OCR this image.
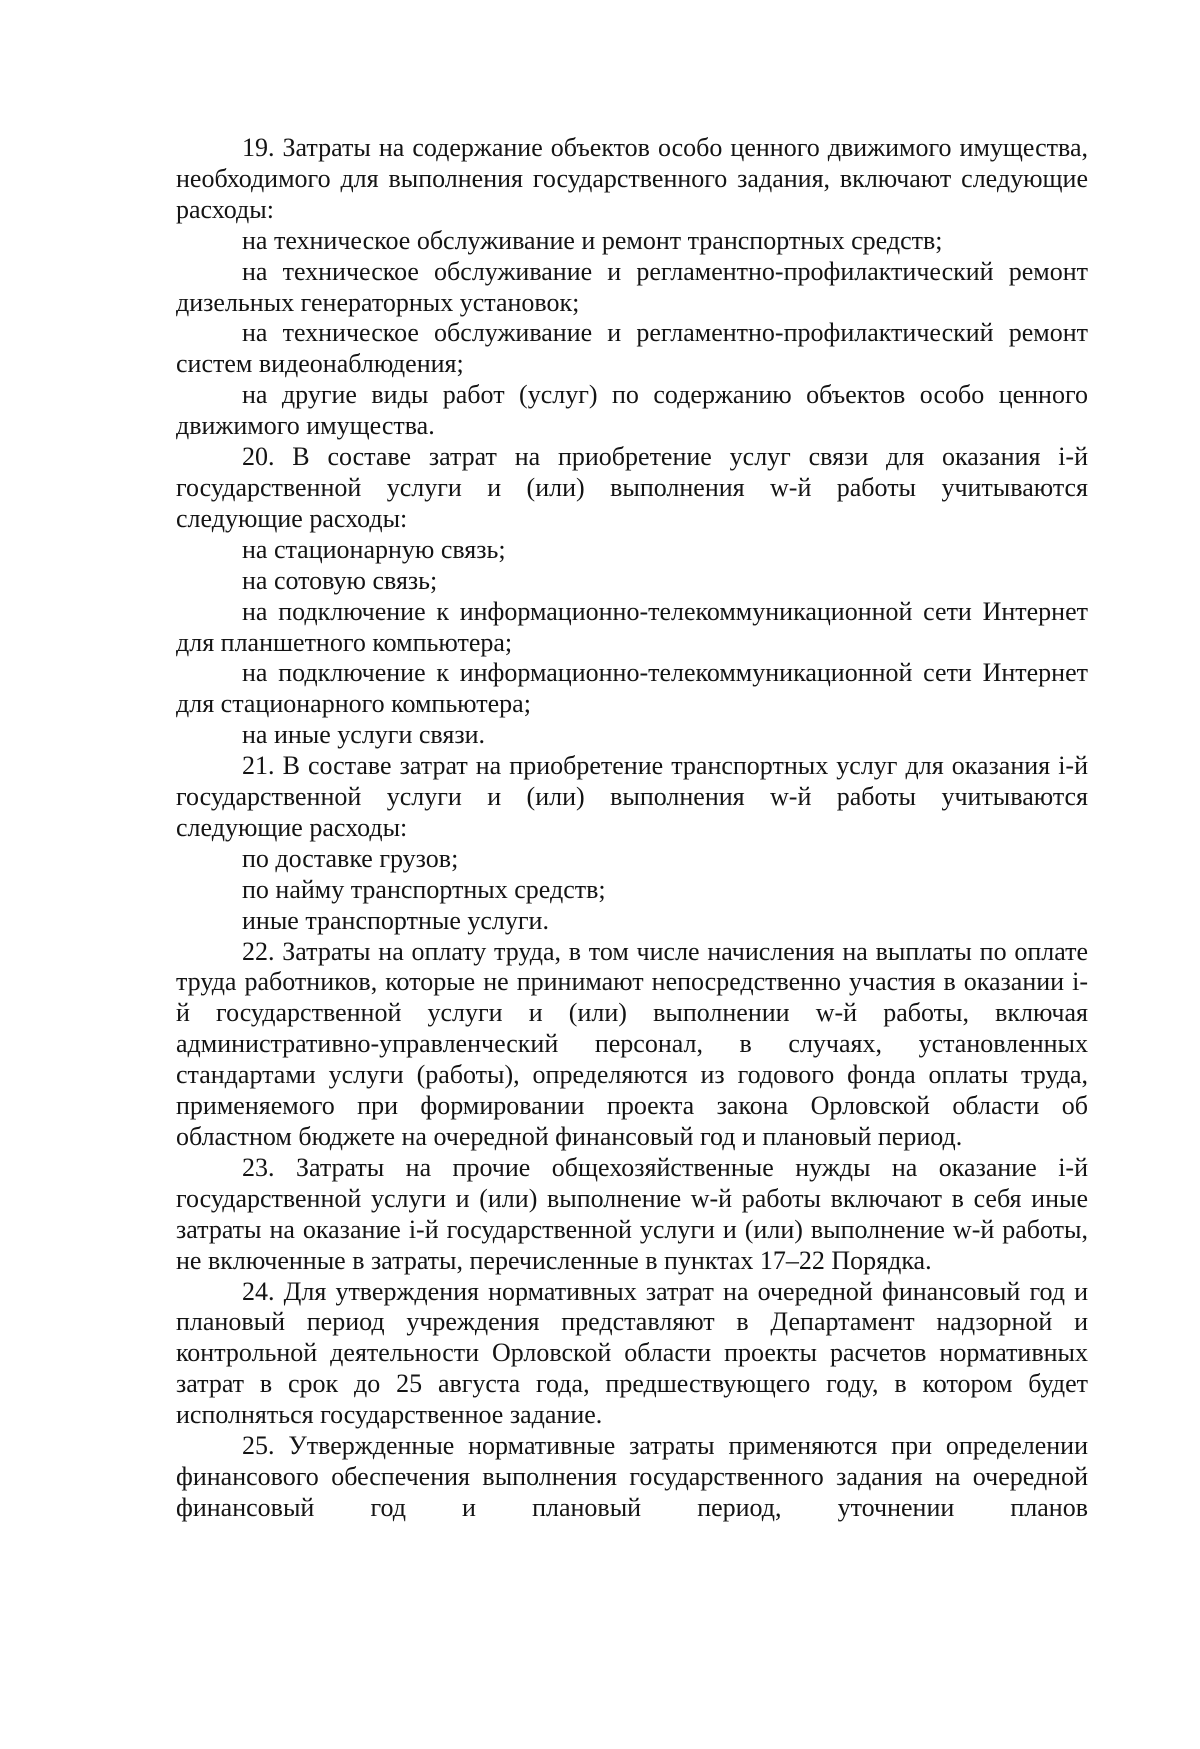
19. Затраты на содержание объектов особо ценного движимого имущества, необходимого для выполнения государственного задания, включают следующие расходы:

на техническое обслуживание и ремонт транспортных средств;

на техническое обслуживание и регламентно-профилактический ремонт дизельных генераторных установок;

на техническое обслуживание и регламентно-профилактический ремонт систем видеонаблюдения;

на другие виды работ (услуг) по содержанию объектов особо ценного движимого имущества.

20. В составе затрат на приобретение услуг связи для оказания i-й государственной услуги и (или) выполнения w-й работы учитываются следующие расходы:

на стационарную связь;

на сотовую связь;

на подключение к информационно-телекоммуникационной сети Интернет для планшетного компьютера;

на подключение к информационно-телекоммуникационной сети Интернет для стационарного компьютера;

на иные услуги связи.

21. В составе затрат на приобретение транспортных услуг для оказания i-й государственной услуги и (или) выполнения w-й работы учитываются следующие расходы:

по доставке грузов;

по найму транспортных средств;

иные транспортные услуги.

22. Затраты на оплату труда, в том числе начисления на выплаты по оплате труда работников, которые не принимают непосредственно участия в оказании i-й государственной услуги и (или) выполнении w-й работы, включая административно-управленческий персонал, в случаях, установленных стандартами услуги (работы), определяются из годового фонда оплаты труда, применяемого при формировании проекта закона Орловской области об областном бюджете на очередной финансовый год и плановый период.

23. Затраты на прочие общехозяйственные нужды на оказание i-й государственной услуги и (или) выполнение w-й работы включают в себя иные затраты на оказание i-й государственной услуги и (или) выполнение w-й работы, не включенные в затраты, перечисленные в пунктах 17–22 Порядка.

24. Для утверждения нормативных затрат на очередной финансовый год и плановый период учреждения представляют в Департамент надзорной и контрольной деятельности Орловской области проекты расчетов нормативных затрат в срок до 25 августа года, предшествующего году, в котором будет исполняться государственное задание.

25. Утвержденные нормативные затраты применяются при определении финансового обеспечения выполнения государственного задания на очередной финансовый год и плановый период, уточнении планов
